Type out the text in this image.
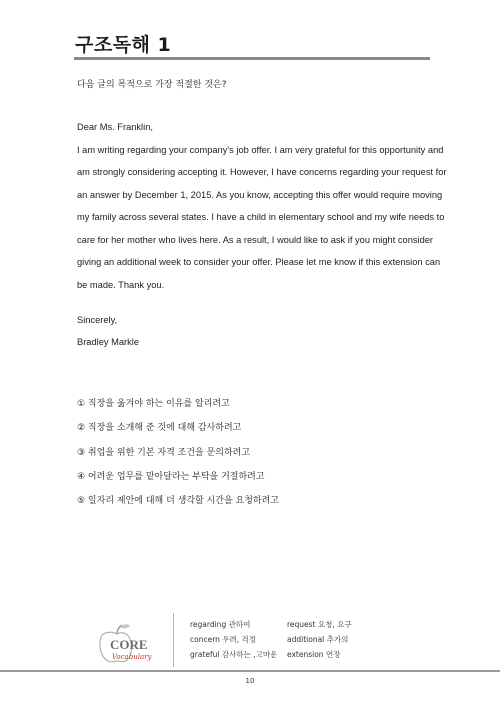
구조독해 1
다음 글의 목적으로 가장 적절한 것은?
Dear Ms. Franklin,
I am writing regarding your company's job offer. I am very grateful for this opportunity and
am strongly considering accepting it. However, I have concerns regarding your request for
an answer by December 1, 2015. As you know, accepting this offer would require moving
my family across several states. I have a child in elementary school and my wife needs to
care for her mother who lives here. As a result, I would like to ask if you might consider
giving an additional week to consider your offer. Please let me know if this extension can
be made. Thank you.
Sincerely,
Bradley Markle
① 직장을 옮겨야 하는 이유를 알리려고
② 직장을 소개해 준 것에 대해 감사하려고
③ 취업을 위한 기본 자격 조건을 문의하려고
④ 어려운 업무를 맡아달라는 부탁을 거절하려고
⑤ 일자리 제안에 대해 더 생각할 시간을 요청하려고
CORE
Vocabulary
regarding 관하여
concern 우려, 걱정
grateful 감사하는 ,고마운
request 요청, 요구
additional 추가의
extension 연장
10
